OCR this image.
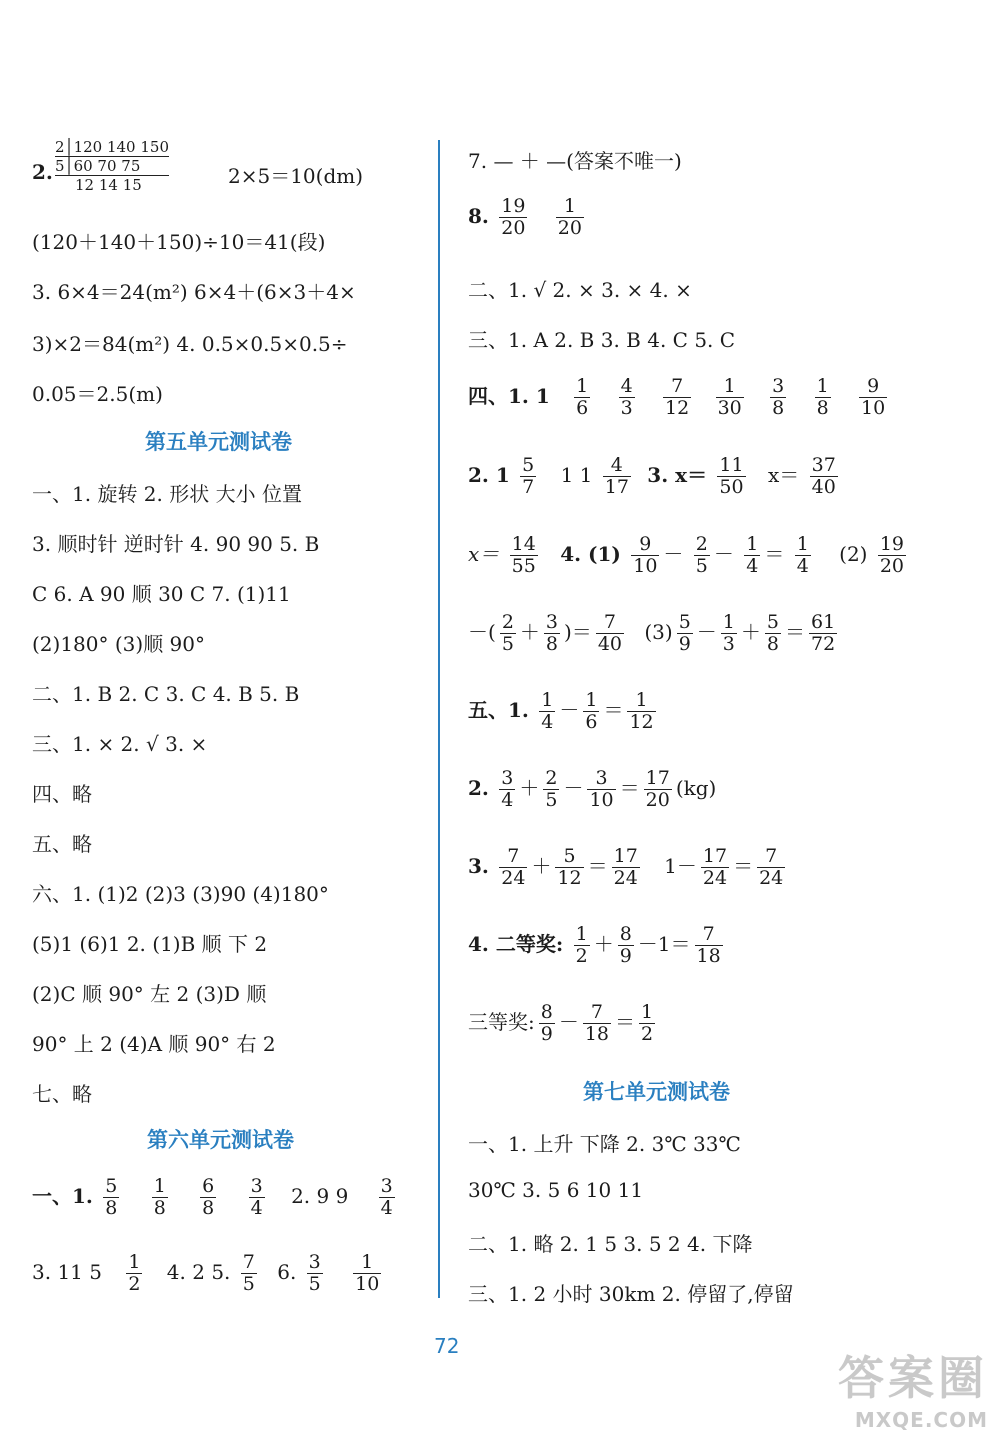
2│120 140 150
5│60 70 75
12 14 15
2.	2×5＝10(dm)
(120＋140＋150)÷10＝41(段)
3. 6×4＝24(m²) 6×4＋(6×3＋4×
3)×2＝84(m²) 4. 0.5×0.5×0.5÷
0.05＝2.5(m)
第五单元测试卷
一、1. 旋转 2. 形状 大小 位置
3. 顺时针 逆时针 4. 90 90 5. B
C 6. A 90 顺 30 C 7. (1)11
(2)180° (3)顺 90°
二、1. B 2. C 3. C 4. B 5. B
三、1. × 2. √ 3. ×
四、略
五、略
六、1. (1)2 (2)3 (3)90 (4)180°
(5)1 (6)1 2. (1)B 顺 下 2
(2)C 顺 90° 左 2 (3)D 顺
90° 上 2 (4)A 顺 90° 右 2
七、略
第六单元测试卷
一、1. $\frac{5}{8}$
$\frac{1}{8}$
$\frac{6}{8}$
$\frac{3}{4} 2$. 9 $9 \frac{3}{4}$
3. 11 $5 \frac{1}{2} 4$. 2 5. $\frac{7}{5} 6$. $\frac{3}{5}$
$\frac{1}{10}$
7. — ＋ —(答案不唯一)
8. $\frac{19}{20}$
$\frac{1}{20}$
二、1. √ 2. × 3. × 4. ×
三、1. A 2. B 3. B 4. C 5. C
四、1. $1 \frac{1}{6}$
$\frac{4}{3}$
$\frac{7}{12}$
$\frac{1}{30}$
$\frac{3}{8}$
$\frac{1}{8}$
$\frac{9}{10}$
2. $1 \frac{5}{7} 1$ $1 \frac{4}{17} 3$. $x= \frac{11}{50} x= \frac{37}{40}$
$x= \frac{14}{55} 4$. $(1) \frac{9}{10} - \frac{2}{5} - \frac{1}{4} = \frac{1}{4} (2) \frac{19}{20}$
－( $\frac{2}{5} + \frac{3}{8}$ )＝ $\frac{7}{40} (3) \frac{5}{9} - \frac{1}{3} + \frac{5}{8} = \frac{61}{72}$
五、1. $\frac{1}{4} - \frac{1}{6} = \frac{1}{12}$
2. $\frac{3}{4} + \frac{2}{5} - \frac{3}{10} = \frac{17}{20} (kg)$
3. $\frac{7}{24} + \frac{5}{12} = \frac{17}{24} 1- \frac{17}{24} = \frac{7}{24}$
4. 二等奖: $\frac{1}{2} + \frac{8}{9} -1= \frac{7}{18}$
三等奖: $\frac{8}{9} - \frac{7}{18} = \frac{1}{2}$
第七单元测试卷
一、1. 上升 下降 2. 3℃ 33℃
30℃ 3. 5 6 10 11
二、1. 略 2. 1 5 3. 5 2 4. 下降
三、1. 2 小时 30km 2. 停留了,停留
72
答案圈
MXQE.COM
